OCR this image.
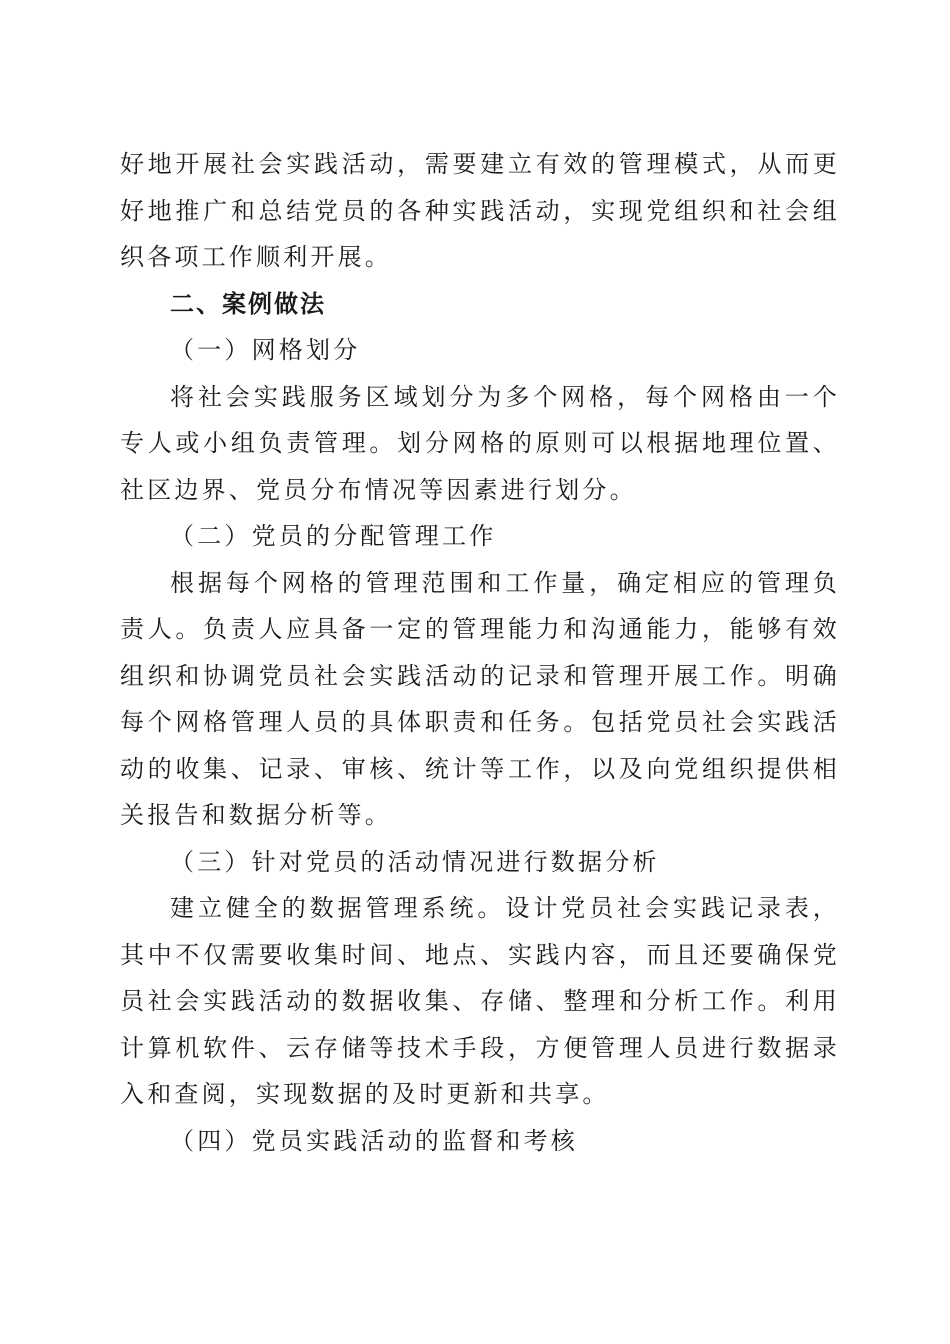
好地开展社会实践活动，需要建立有效的管理模式，从而更好地推广和总结党员的各种实践活动，实现党组织和社会组织各项工作顺利开展。

二、案例做法

（一）网格划分

将社会实践服务区域划分为多个网格，每个网格由一个专人或小组负责管理。划分网格的原则可以根据地理位置、社区边界、党员分布情况等因素进行划分。

（二）党员的分配管理工作

根据每个网格的管理范围和工作量，确定相应的管理负责人。负责人应具备一定的管理能力和沟通能力，能够有效组织和协调党员社会实践活动的记录和管理开展工作。明确每个网格管理人员的具体职责和任务。包括党员社会实践活动的收集、记录、审核、统计等工作，以及向党组织提供相关报告和数据分析等。

（三）针对党员的活动情况进行数据分析

建立健全的数据管理系统。设计党员社会实践记录表，其中不仅需要收集时间、地点、实践内容，而且还要确保党员社会实践活动的数据收集、存储、整理和分析工作。利用计算机软件、云存储等技术手段，方便管理人员进行数据录入和查阅，实现数据的及时更新和共享。

（四）党员实践活动的监督和考核
